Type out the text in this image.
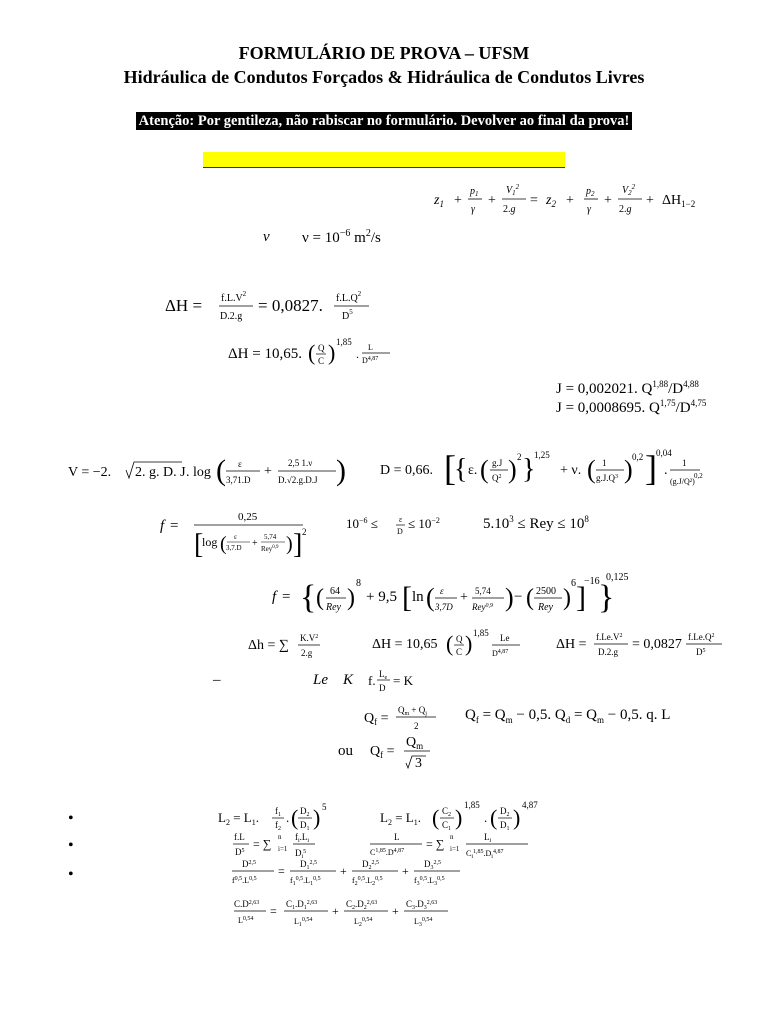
FORMULÁRIO DE PROVA – UFSM
Hidráulica de Condutos Forçados & Hidráulica de Condutos Livres
Atenção: Por gentileza, não rabiscar no formulário. Devolver ao final da prova!
$z_1$ +
$p_1$
γ
+
$V_1^2$
2.g
= $z_2$ +
$p_2$
γ
+
$V_2^2$
2.g
+ $\Delta H_{1-2}$
ν $\nu = 10^{-6}$ $m^2/s$
$\Delta H = f.L.V^2$
D.2.g
= 0,0827. $f.L.Q^2$
$D^5$
ΔH = 10,65. ( Q
C ) 1,85
. L
D$^{4,87}$
J = 0,002021. $Q^{1,88}/D^{4,88}$
J = 0,0008695. $Q^{1,75}/D^{4,75}$
V = −2. 2. g. D. J . log ( ε
3,71.D
+
2,5 1.ν
D.√2.g.D.J ) D = 0,66. [
{ ε. ( g.J
$Q^2$ ) 2 }
1,25
+ ν. ( 1
$g.J.Q^3$ ) 0,2 ] 0,04
. 1
(g.J/Q²)
0,2
f =
0,25
[
log ( ε
3,7.D +
5,74
Rey$^{0,9}$ ) ] 2
$10^{-6}$ ≤	ε
D
≤ $10^{-2}$	$5.10^3$ ≤ Rey ≤ $10^8$
f = { ( 64
Rey )
8
+ 9,5 [ ln ( ε
3,7D
+ 5,74
Rey$^{0,9}$ ) − ( 2500
Rey )
6 ]
−16
}
0,125
Δh = ∑ $K.V^2$
2.g
ΔH = 10,65 ( Q
C ) 1,85 Le
D$^{4,87}$	$\Delta H = f.Le.V^2$
D.2.g = 0,0827 $f.Le.Q^2$
$D^5$
–	Le K f. $L_e$
D = K
$Q_f$ =
$Q_m + Q_j$
2
$Q_f = Q_m - 0,5$. $Q_d = Q_m - 0,5$. q. L
ou $Q_f$ =
$Q_m$
3
•
•
•
$L_2 = L_1$. $f_1$
$f_2$
. ( $D_2$
$D_1$ ) 5
$L_2 = L_1$. ( $C_2$
$C_1$ ) 1,85
. ( $D_2$
$D_1$ ) 4,87
f.L
$D^5$ = ∑ n
i=1
$f_i.L_i$
$D_i^5$
L
$C^{1,85}.D^{4,87}$ = ∑ n
i=1
$L_i$
$C_i^{1,85}.D_i^{4,87}$
D$^{2,5}$
$f^{0,5}.L^{0,5}$
= $D_1^{2,5}$
$f_1^{0,5}.L_1^{0,5}$
+ $D_2^{2,5}$
$f_2^{0,5}.L_2^{0,5}$
+ $D_3^{2,5}$
$f_3^{0,5}.L_3^{0,5}$
$C.D^{2,63}$
L$^{0,54}$
= $C_1.D_1^{2,63}$
$L_1^{0,54}$
+ $C_2.D_2^{2,63}$
$L_2^{0,54}$
+ $C_3.D_3^{2,63}$
$L_3^{0,54}$
